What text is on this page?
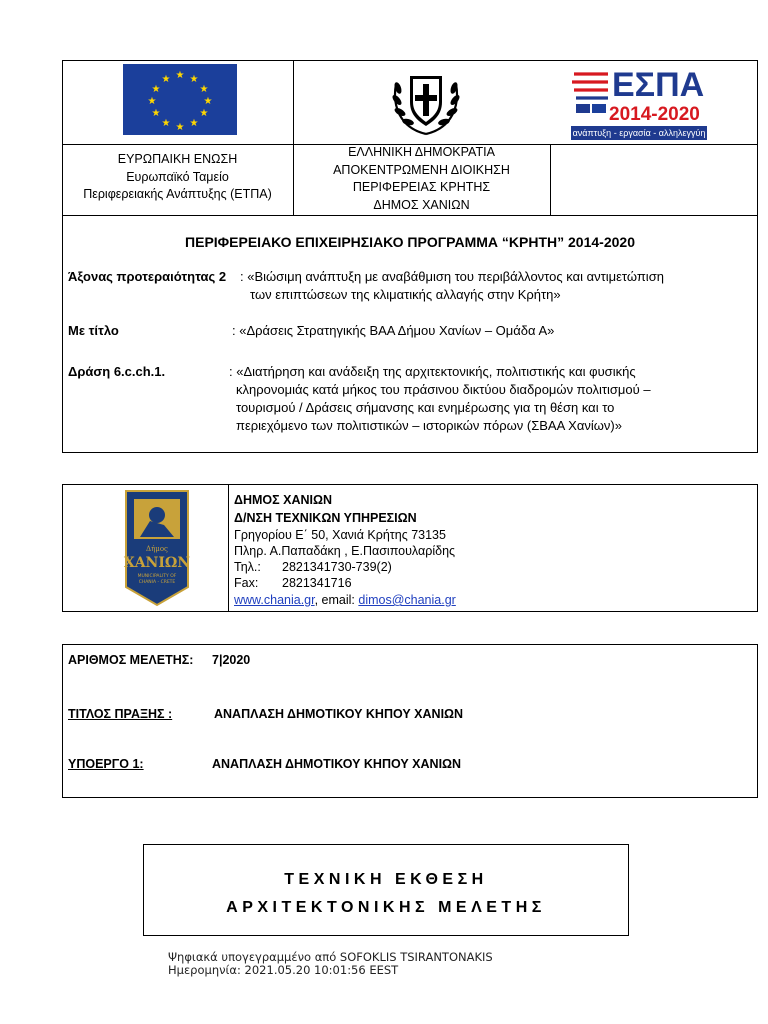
★ ★
★
★
★
★
★
★
★
★
★
★	ΕΣΠΑ
2014-2020
ανάπτυξη - εργασία - αλληλεγγύη
ΕΥΡΩΠΑΙΚΗ ΕΝΩΣΗ
Ευρωπαϊκό Ταμείο
Περιφερειακής Ανάπτυξης (ΕΤΠΑ)
ΕΛΛΗΝΙΚΗ ΔΗΜΟΚΡΑΤΙΑ
ΑΠΟΚΕΝΤΡΩΜΕΝΗ ΔΙΟΙΚΗΣΗ
ΠΕΡΙΦΕΡΕΙΑΣ ΚΡΗΤΗΣ
ΔΗΜΟΣ ΧΑΝΙΩΝ
ΠΕΡΙΦΕΡΕΙΑΚΟ ΕΠΙΧΕΙΡΗΣΙΑΚΟ ΠΡΟΓΡΑΜΜΑ “ΚΡΗΤΗ” 2014-2020
Άξονας προτεραιότητας 2 : «Βιώσιμη ανάπτυξη με αναβάθμιση του περιβάλλοντος και αντιμετώπιση
των επιπτώσεων της κλιματικής αλλαγής στην Κρήτη»
Με τίτλο	: «Δράσεις Στρατηγικής ΒΑΑ Δήμου Χανίων – Ομάδα Α»
Δράση 6.c.ch.1.	: «Διατήρηση και ανάδειξη της αρχιτεκτονικής, πολιτιστικής και φυσικής
κληρονομιάς κατά μήκος του πράσινου δικτύου διαδρομών πολιτισμού –
τουρισμού / Δράσεις σήμανσης και ενημέρωσης για τη θέση και το
περιεχόμενο των πολιτιστικών – ιστορικών πόρων (ΣΒΑΑ Χανίων)»
Δήμος
ΧΑΝΙΩΝ
MUNICIPALITY OF
CHANIA - CRETE
ΔΗΜΟΣ ΧΑΝΙΩΝ
Δ/ΝΣΗ ΤΕΧΝΙΚΩΝ ΥΠΗΡΕΣΙΩΝ
Γρηγορίου Ε΄ 50, Χανιά Κρήτης 73135
Πληρ. Α.Παπαδάκη , Ε.Πασιπουλαρίδης
Τηλ.: 2821341730-739(2)
Fax: 2821341716
www.chania.gr, email: dimos@chania.gr
ΑΡΙΘΜΟΣ ΜΕΛΕΤΗΣ: 7|2020
ΤΙΤΛΟΣ ΠΡΑΞΗΣ :	ΑΝΑΠΛΑΣΗ ΔΗΜΟΤΙΚΟΥ ΚΗΠΟΥ ΧΑΝΙΩΝ
ΥΠΟΕΡΓΟ 1:	ΑΝΑΠΛΑΣΗ ΔΗΜΟΤΙΚΟΥ ΚΗΠΟΥ ΧΑΝΙΩΝ
ΤΕΧΝΙΚΗ ΕΚΘΕΣΗ
ΑΡΧΙΤΕΚΤΟΝΙΚΗΣ ΜΕΛΕΤΗΣ
Ψηφιακά υπογεγραμμένο από SOFOKLIS TSIRANTONAKIS
Ημερομηνία: 2021.05.20 10:01:56 EEST
